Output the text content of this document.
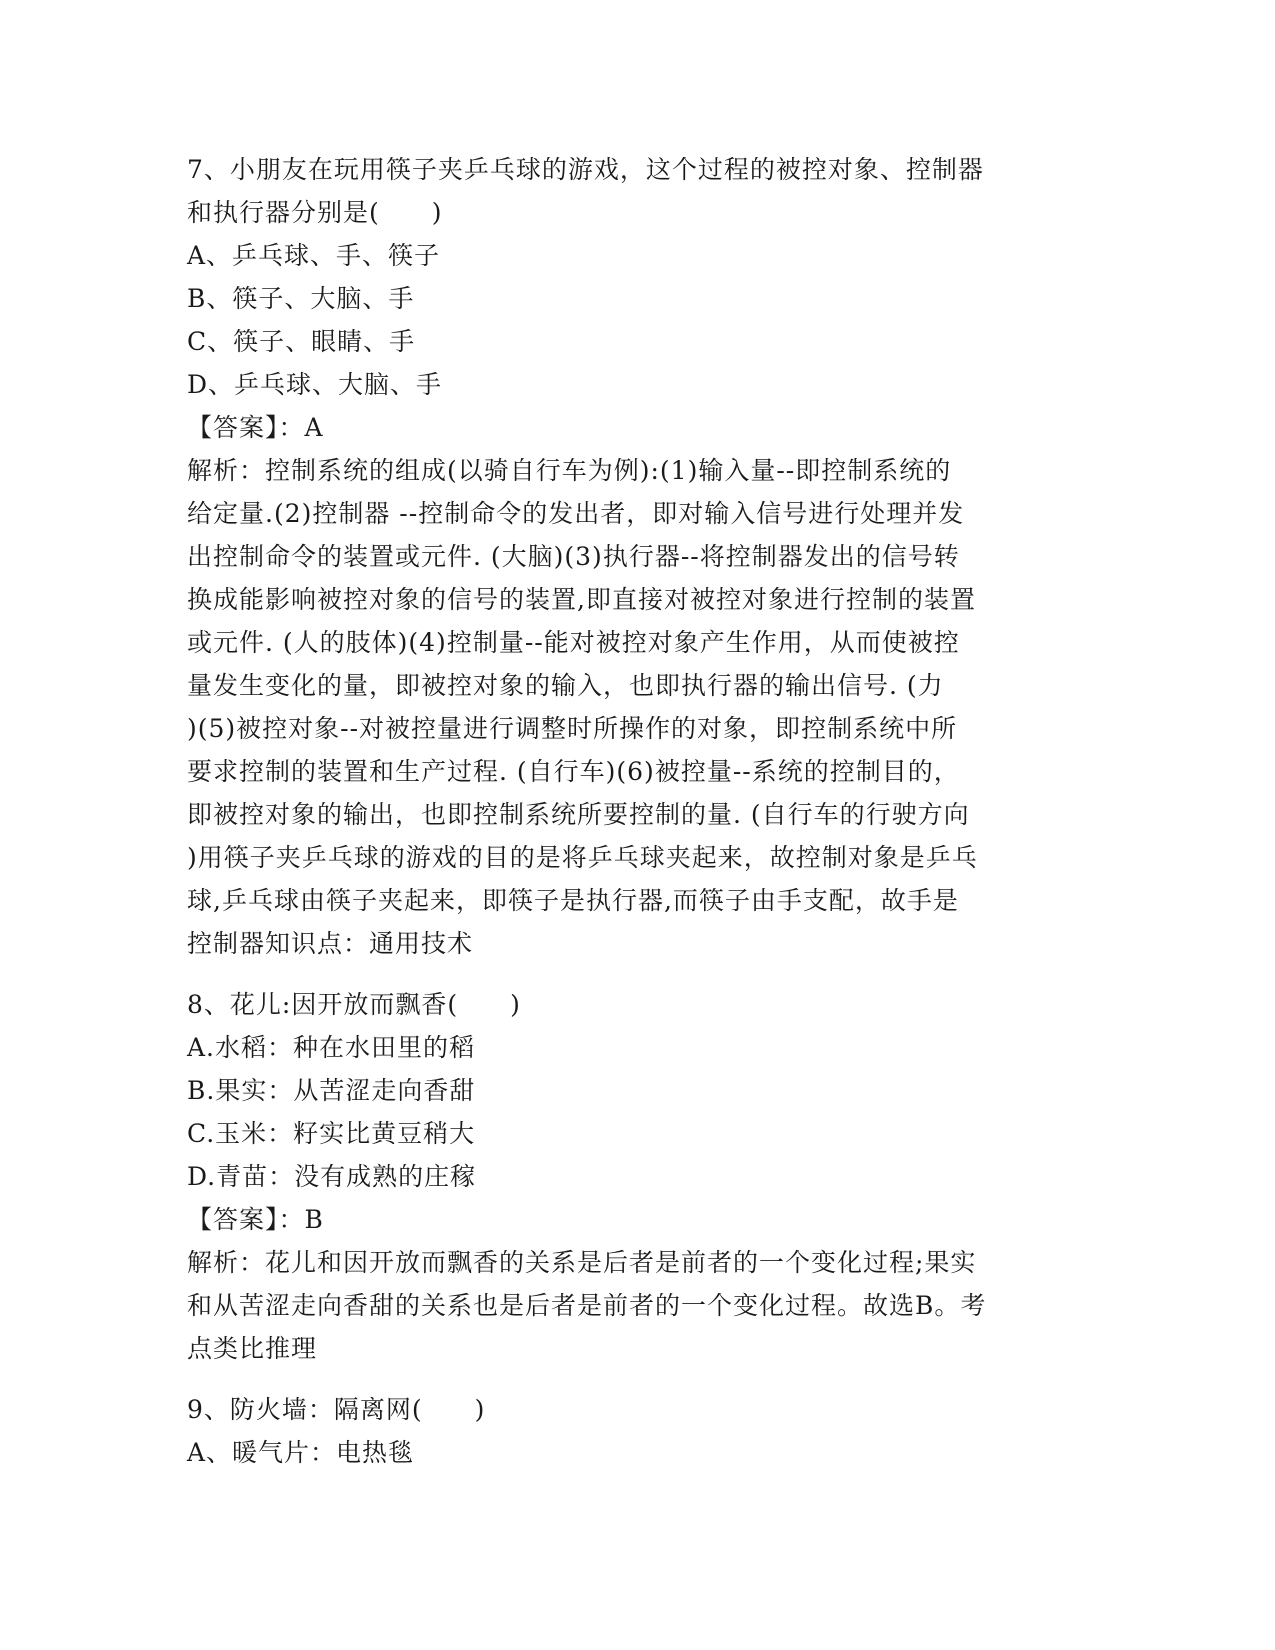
7、小朋友在玩用筷子夹乒乓球的游戏，这个过程的被控对象、控制器
和执行器分别是(　　)
A、乒乓球、手、筷子
B、筷子、大脑、手
C、筷子、眼睛、手
D、乒乓球、大脑、手
【答案】：A
解析：控制系统的组成(以骑自行车为例):(1)输入量--即控制系统的
给定量.(2)控制器 --控制命令的发出者，即对输入信号进行处理并发
出控制命令的装置或元件. (大脑)(3)执行器--将控制器发出的信号转
换成能影响被控对象的信号的装置,即直接对被控对象进行控制的装置
或元件. (人的肢体)(4)控制量--能对被控对象产生作用，从而使被控
量发生变化的量，即被控对象的输入，也即执行器的输出信号. (力
)(5)被控对象--对被控量进行调整时所操作的对象，即控制系统中所
要求控制的装置和生产过程. (自行车)(6)被控量--系统的控制目的，
即被控对象的输出，也即控制系统所要控制的量. (自行车的行驶方向
)用筷子夹乒乓球的游戏的目的是将乒乓球夹起来，故控制对象是乒乓
球,乒乓球由筷子夹起来，即筷子是执行器,而筷子由手支配，故手是
控制器知识点：通用技术
8、花儿:因开放而飘香(　　)
A.水稻：种在水田里的稻
B.果实：从苦涩走向香甜
C.玉米：籽实比黄豆稍大
D.青苗：没有成熟的庄稼
【答案】：B
解析：花儿和因开放而飘香的关系是后者是前者的一个变化过程;果实
和从苦涩走向香甜的关系也是后者是前者的一个变化过程。故选B。考
点类比推理
9、防火墙：隔离网(　　)
A、暖气片：电热毯
